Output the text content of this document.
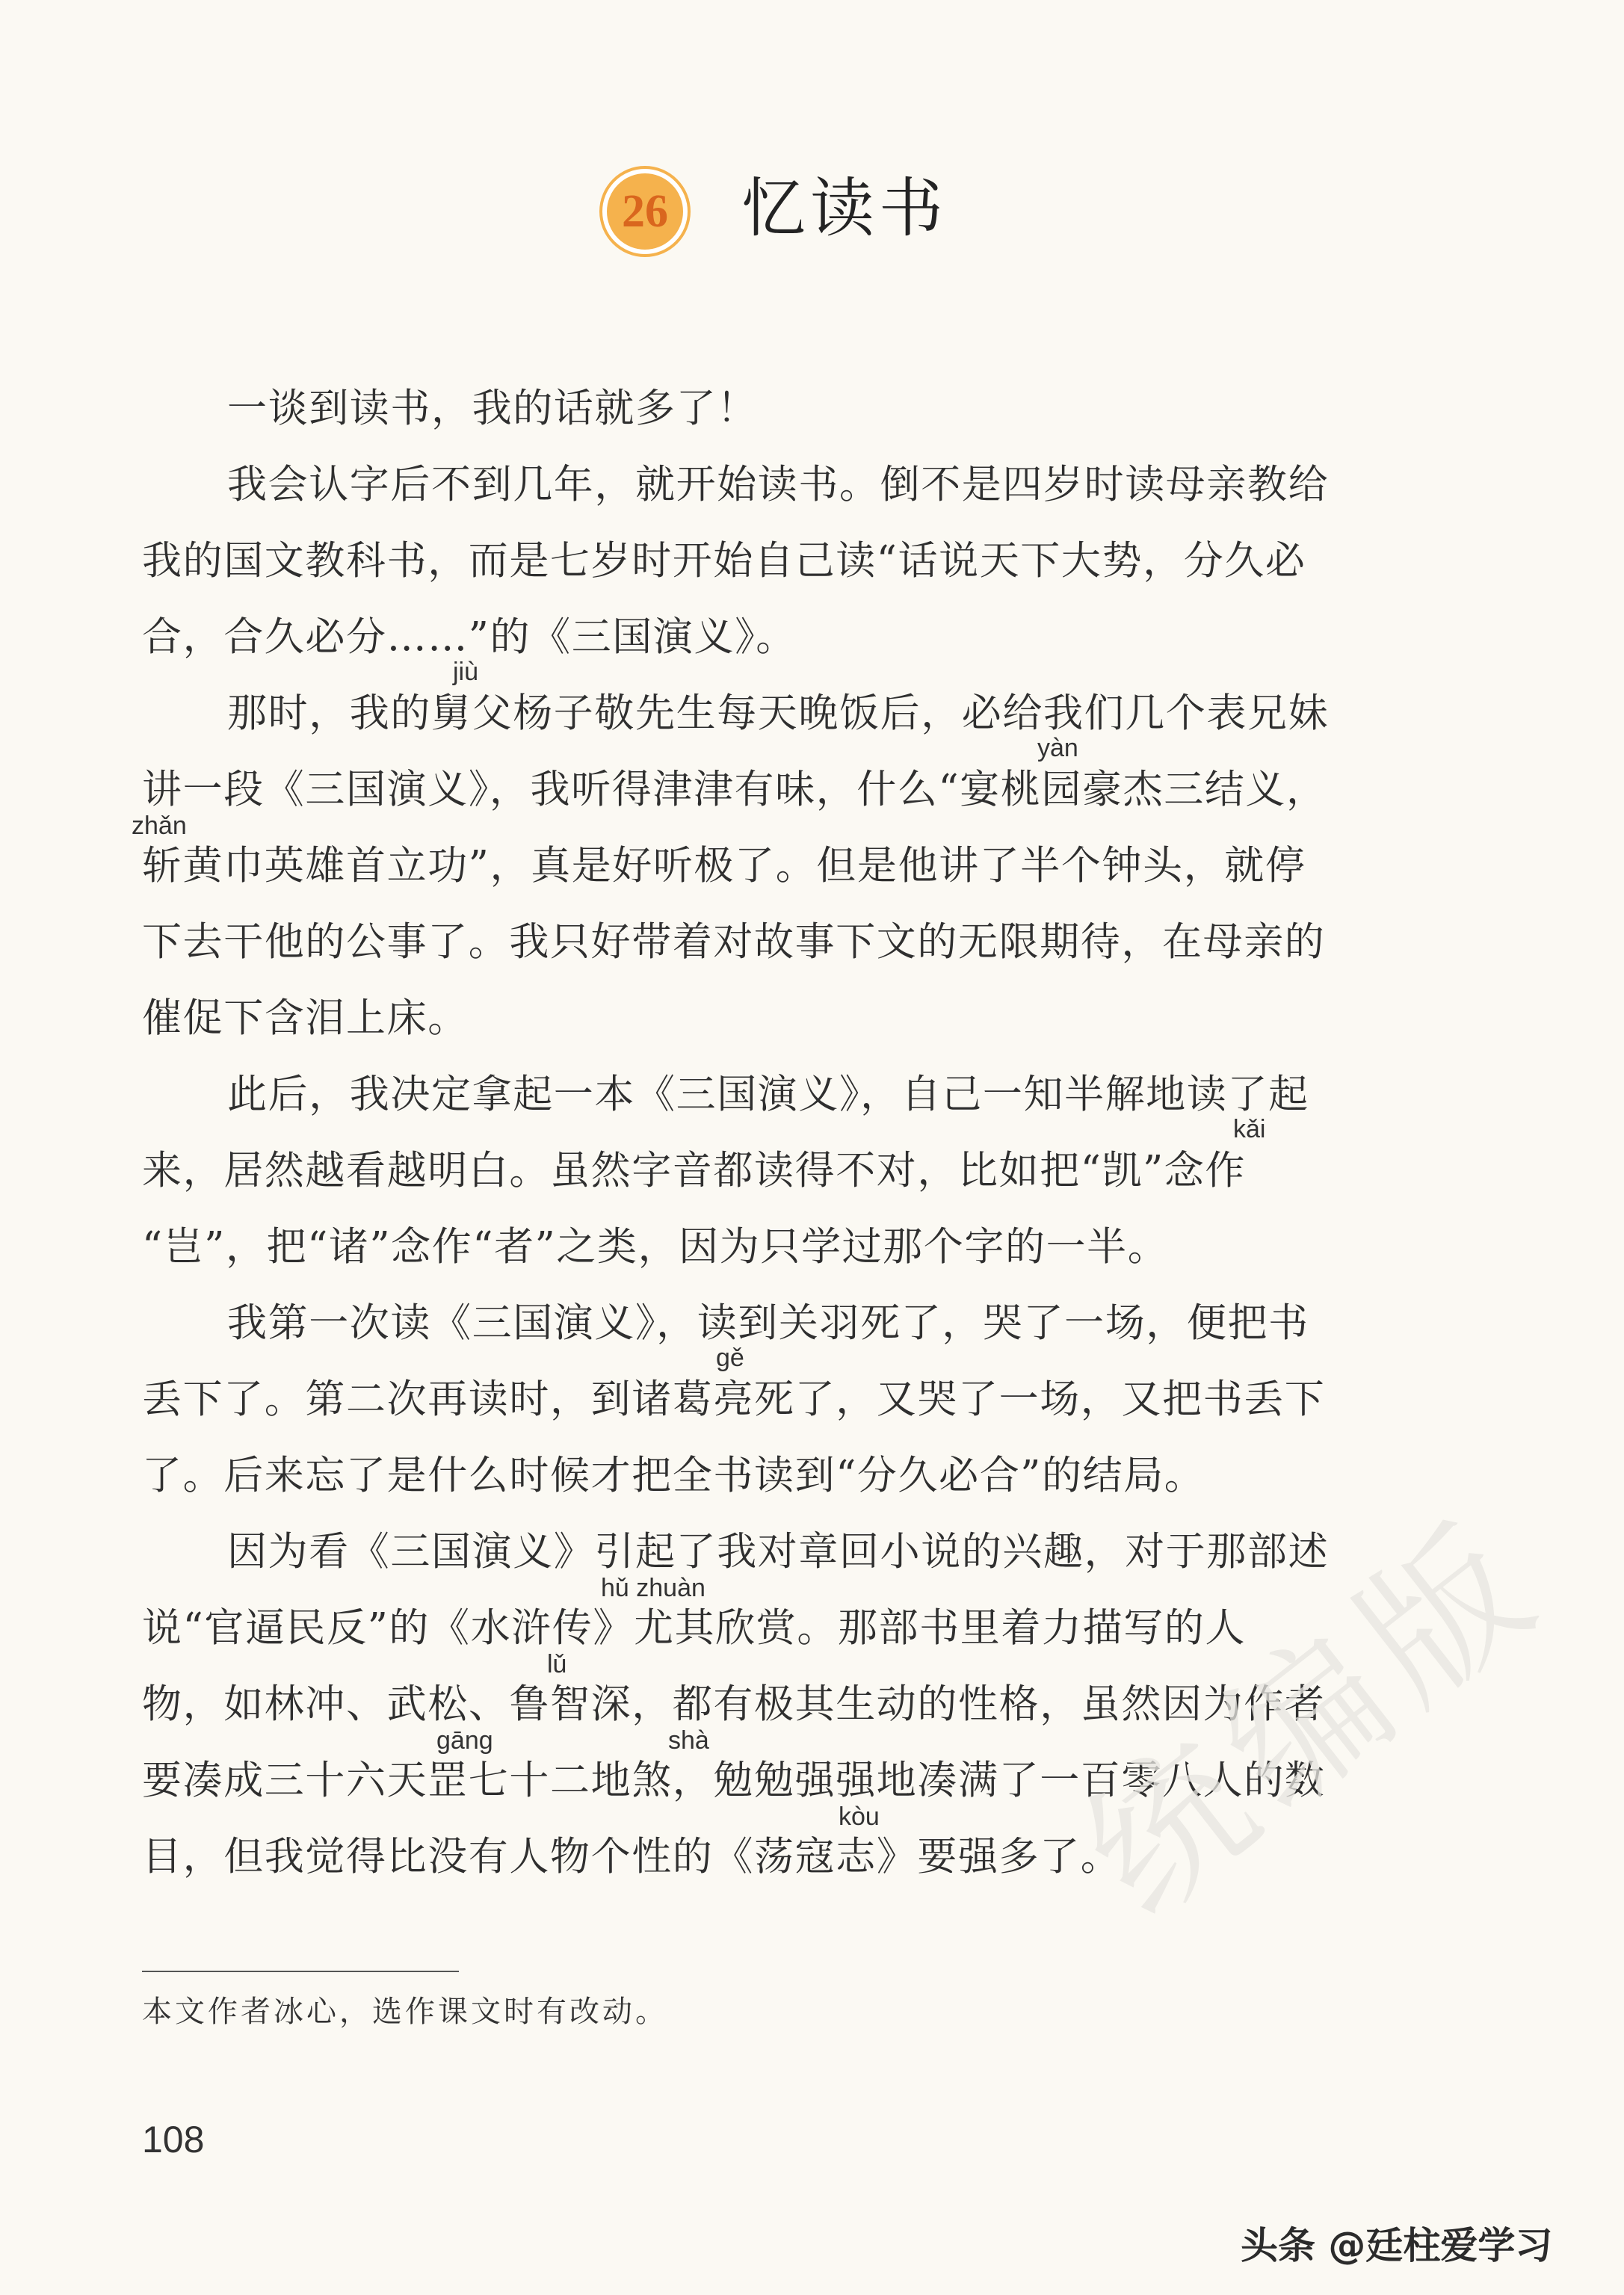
26 忆读书
一谈到读书，我的话就多了！
我会认字后不到几年，就开始读书。倒不是四岁时读母亲教给
我的国文教科书，而是七岁时开始自己读“话说天下大势，分久必
合，合久必分……”的《三国演义》。
那时，我的舅父杨子敬先生每天晚饭后，必给我们几个表兄妹
讲一段《三国演义》，我听得津津有味，什么“宴桃园豪杰三结义，
斩黄巾英雄首立功”，真是好听极了。但是他讲了半个钟头，就停
下去干他的公事了。我只好带着对故事下文的无限期待，在母亲的
催促下含泪上床。
此后，我决定拿起一本《三国演义》，自己一知半解地读了起
来，居然越看越明白。虽然字音都读得不对，比如把“凯”念作
“岂”，把“诸”念作“者”之类，因为只学过那个字的一半。
我第一次读《三国演义》，读到关羽死了，哭了一场，便把书
丢下了。第二次再读时，到诸葛亮死了，又哭了一场，又把书丢下
了。后来忘了是什么时候才把全书读到“分久必合”的结局。
因为看《三国演义》引起了我对章回小说的兴趣，对于那部述
说“官逼民反”的《水浒传》尤其欣赏。那部书里着力描写的人
物，如林冲、武松、鲁智深，都有极其生动的性格，虽然因为作者
要凑成三十六天罡七十二地煞，勉勉强强地凑满了一百零八人的数
目，但我觉得比没有人物个性的《荡寇志》要强多了。
jiù
yàn
zhǎn
kǎi
gě
hǔ zhuàn
lǔ
gāng	shà
kòu
本文作者冰心，选作课文时有改动。
108
统编版
头条 @廷柱爱学习
